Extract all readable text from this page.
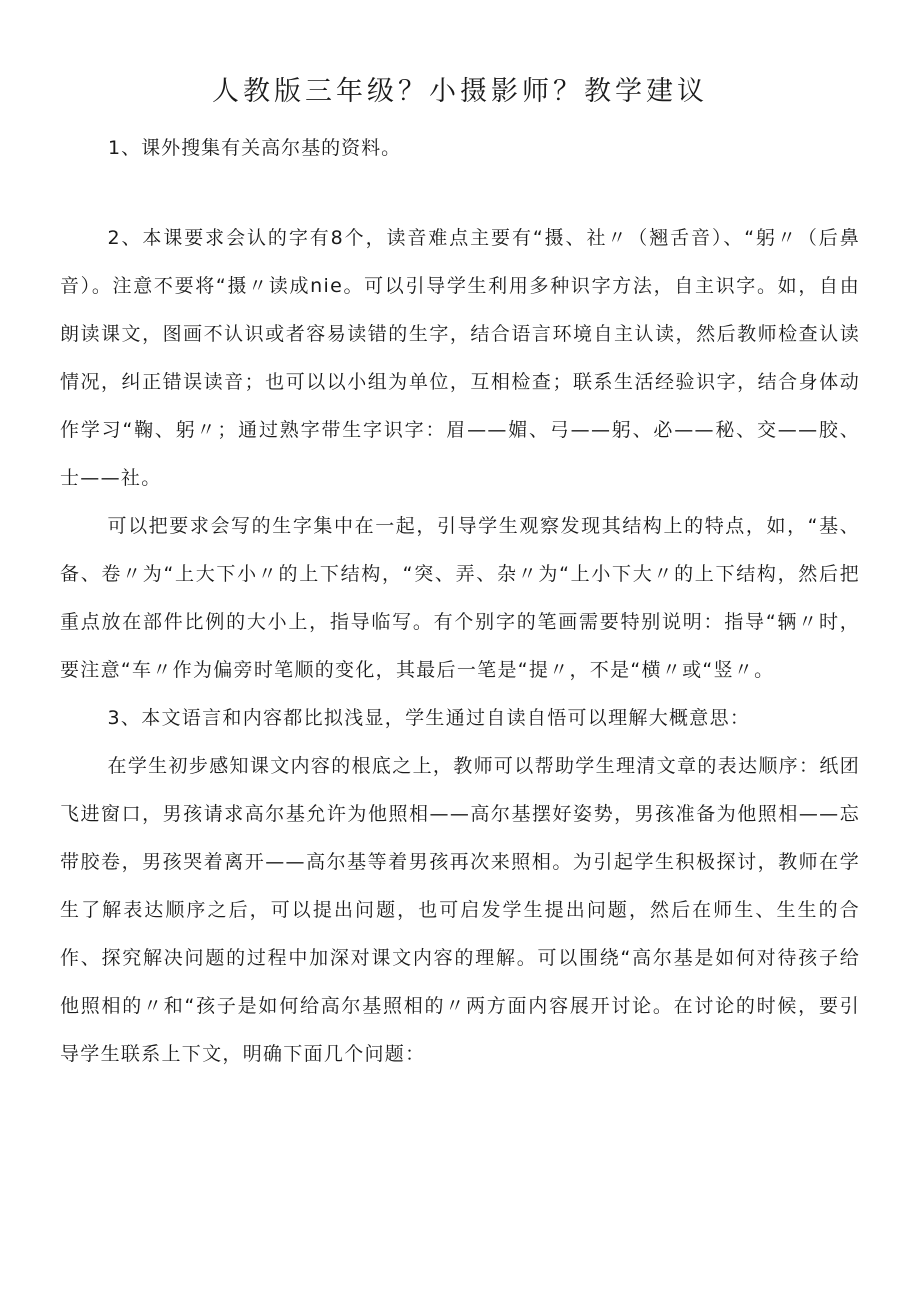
人教版三年级？小摄影师？教学建议
1、课外搜集有关高尔基的资料。

2、本课要求会认的字有8个，读音难点主要有“摄、社〃（翘舌音）、“躬〃（后鼻音）。注意不要将“摄〃读成nie。可以引导学生利用多种识字方法，自主识字。如，自由朗读课文，图画不认识或者容易读错的生字，结合语言环境自主认读，然后教师检查认读情况，纠正错误读音；也可以以小组为单位，互相检查；联系生活经验识字，结合身体动作学习“鞠、躬〃；通过熟字带生字识字：眉——媚、弓——躬、必——秘、交——胶、士——社。

可以把要求会写的生字集中在一起，引导学生观察发现其结构上的特点，如，“基、备、卷〃为“上大下小〃的上下结构，“突、弄、杂〃为“上小下大〃的上下结构，然后把重点放在部件比例的大小上，指导临写。有个别字的笔画需要特别说明：指导“辆〃时，要注意“车〃作为偏旁时笔顺的变化，其最后一笔是“提〃，不是“横〃或“竖〃。

3、本文语言和内容都比拟浅显，学生通过自读自悟可以理解大概意思：

在学生初步感知课文内容的根底之上，教师可以帮助学生理清文章的表达顺序：纸团飞进窗口，男孩请求高尔基允许为他照相——高尔基摆好姿势，男孩准备为他照相——忘带胶卷，男孩哭着离开——高尔基等着男孩再次来照相。为引起学生积极探讨，教师在学生了解表达顺序之后，可以提出问题，也可启发学生提出问题，然后在师生、生生的合作、探究解决问题的过程中加深对课文内容的理解。可以围绕“高尔基是如何对待孩子给他照相的〃和“孩子是如何给高尔基照相的〃两方面内容展开讨论。在讨论的时候，要引导学生联系上下文，明确下面几个问题：
